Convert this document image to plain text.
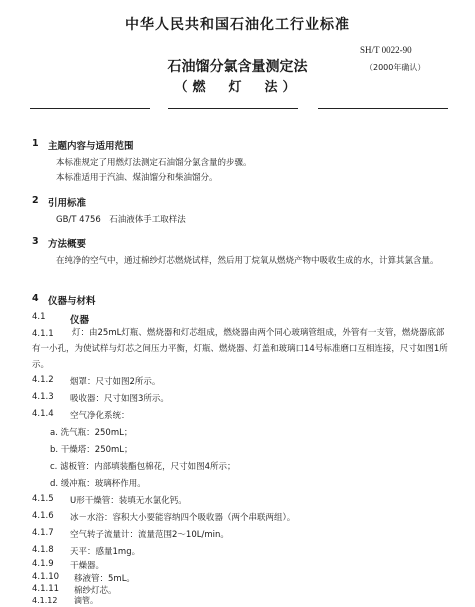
中华人民共和国石油化工行业标准
SH/T 0022-90
（2000年确认）
石油馏分氯含量测定法
（燃　灯　法）
1 主题内容与适用范围
本标准规定了用燃灯法测定石油馏分氯含量的步骤。
本标准适用于汽油、煤油馏分和柴油馏分。
2 引用标准
GB/T 4756　石油液体手工取样法
3 方法概要
在纯净的空气中，通过棉纱灯芯燃烧试样，然后用丁烷氧从燃烧产物中吸收生成的水，计算其氯含量。
4 仪器与材料
4.1	仪器
4.1.1	灯：由25mL灯瓶、燃烧器和灯芯组成，燃烧器由两个同心玻璃管组成，外管有一支管，燃烧器底部有一小孔，为使试样与灯芯之间压力平衡，灯瓶、燃烧器、灯盖和玻璃口14号标准磨口互相连接，尺寸如图1所示。
4.1.2 烟罩：尺寸如图2所示。
4.1.3 吸收器：尺寸如图3所示。
4.1.4 空气净化系统：
a. 洗气瓶：250mL；
b. 干燥塔：250mL；
c. 滤板管：内部填装酯包棉花，尺寸如图4所示；
d. 缓冲瓶：玻璃杯作用。
4.1.5 U形干燥管：装填无水氯化钙。
4.1.6 冰－水浴：容积大小要能容纳四个吸收器（两个串联两组）。
4.1.7 空气转子流量计：流量范围2～10L/min。
4.1.8 天平：感量1mg。
4.1.9 干燥器。
4.1.10 移液管：5mL。
4.1.11 棉纱灯芯。
4.1.12 滴管。
